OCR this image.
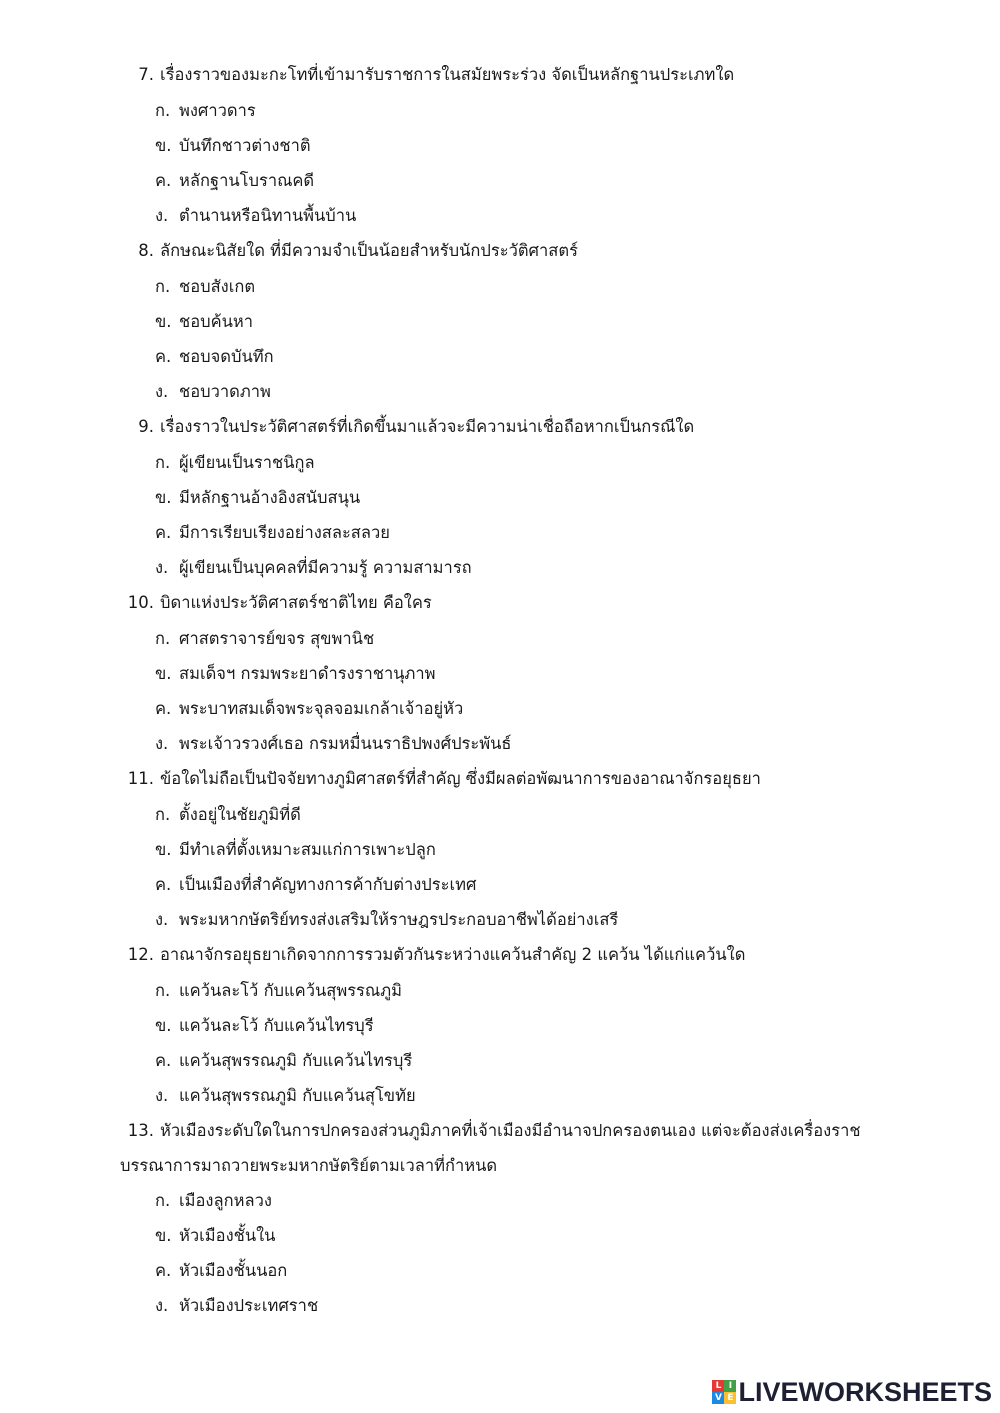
7. เรื่องราวของมะกะโทที่เข้ามารับราชการในสมัยพระร่วง จัดเป็นหลักฐานประเภทใด
ก. พงศาวดาร
ข. บันทึกชาวต่างชาติ
ค. หลักฐานโบราณคดี
ง. ตำนานหรือนิทานพื้นบ้าน
8. ลักษณะนิสัยใด ที่มีความจำเป็นน้อยสำหรับนักประวัติศาสตร์
ก. ชอบสังเกต
ข. ชอบค้นหา
ค. ชอบจดบันทึก
ง. ชอบวาดภาพ
9. เรื่องราวในประวัติศาสตร์ที่เกิดขึ้นมาแล้วจะมีความน่าเชื่อถือหากเป็นกรณีใด
ก. ผู้เขียนเป็นราชนิกูล
ข. มีหลักฐานอ้างอิงสนับสนุน
ค. มีการเรียบเรียงอย่างสละสลวย
ง. ผู้เขียนเป็นบุคคลที่มีความรู้ ความสามารถ
10. บิดาแห่งประวัติศาสตร์ชาติไทย คือใคร
ก. ศาสตราจารย์ขจร สุขพานิช
ข. สมเด็จฯ กรมพระยาดำรงราชานุภาพ
ค. พระบาทสมเด็จพระจุลจอมเกล้าเจ้าอยู่หัว
ง. พระเจ้าวรวงศ์เธอ กรมหมื่นนราธิปพงศ์ประพันธ์
11. ข้อใดไม่ถือเป็นปัจจัยทางภูมิศาสตร์ที่สำคัญ ซึ่งมีผลต่อพัฒนาการของอาณาจักรอยุธยา
ก. ตั้งอยู่ในชัยภูมิที่ดี
ข. มีทำเลที่ตั้งเหมาะสมแก่การเพาะปลูก
ค. เป็นเมืองที่สำคัญทางการค้ากับต่างประเทศ
ง. พระมหากษัตริย์ทรงส่งเสริมให้ราษฎรประกอบอาชีพได้อย่างเสรี
12. อาณาจักรอยุธยาเกิดจากการรวมตัวกันระหว่างแคว้นสำคัญ 2 แคว้น ได้แก่แคว้นใด
ก. แคว้นละโว้ กับแคว้นสุพรรณภูมิ
ข. แคว้นละโว้ กับแคว้นไทรบุรี
ค. แคว้นสุพรรณภูมิ กับแคว้นไทรบุรี
ง. แคว้นสุพรรณภูมิ กับแคว้นสุโขทัย
13. หัวเมืองระดับใดในการปกครองส่วนภูมิภาคที่เจ้าเมืองมีอำนาจปกครองตนเอง แต่จะต้องส่งเครื่องราช
บรรณาการมาถวายพระมหากษัตริย์ตามเวลาที่กำหนด
ก. เมืองลูกหลวง
ข. หัวเมืองชั้นใน
ค. หัวเมืองชั้นนอก
ง. หัวเมืองประเทศราช
L I
V E LIVEWORKSHEETS
